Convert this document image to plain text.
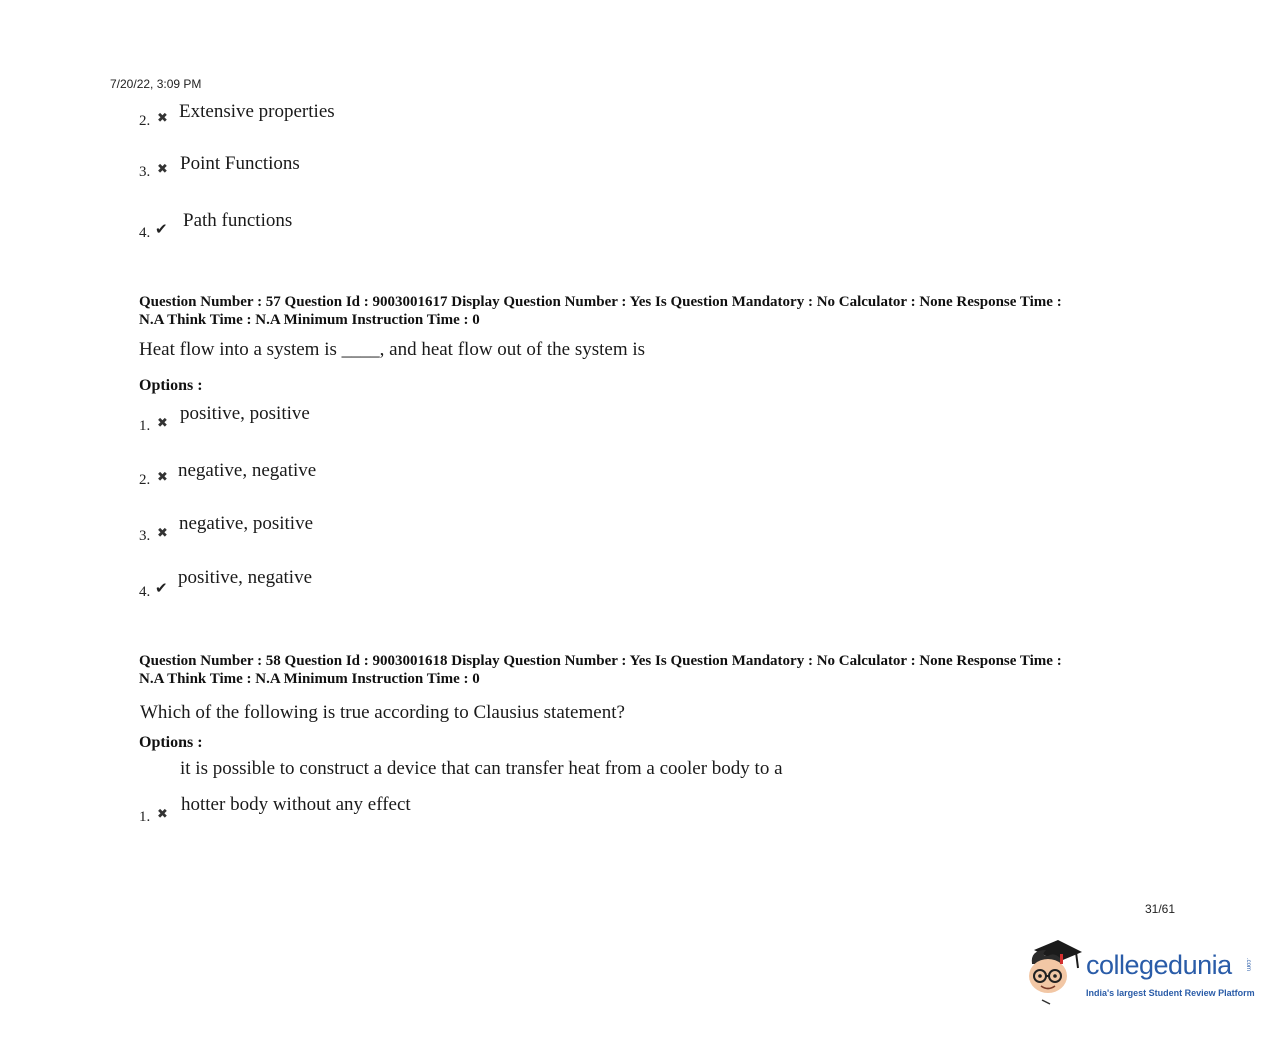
7/20/22, 3:09 PM
2. ✖ Extensive properties
3. ✖ Point Functions
4. ✔ Path functions
Question Number : 57 Question Id : 9003001617 Display Question Number : Yes Is Question Mandatory : No Calculator : None Response Time :
N.A Think Time : N.A Minimum Instruction Time : 0
Heat flow into a system is ____, and heat flow out of the system is
Options :
1. ✖ positive, positive
2. ✖ negative, negative
3. ✖ negative, positive
4. ✔ positive, negative
Question Number : 58 Question Id : 9003001618 Display Question Number : Yes Is Question Mandatory : No Calculator : None Response Time :
N.A Think Time : N.A Minimum Instruction Time : 0
Which of the following is true according to Clausius statement?
Options :
it is possible to construct a device that can transfer heat from a cooler body to a
1. ✖ hotter body without any effect
31/61
collegedunia .com
India's largest Student Review Platform
